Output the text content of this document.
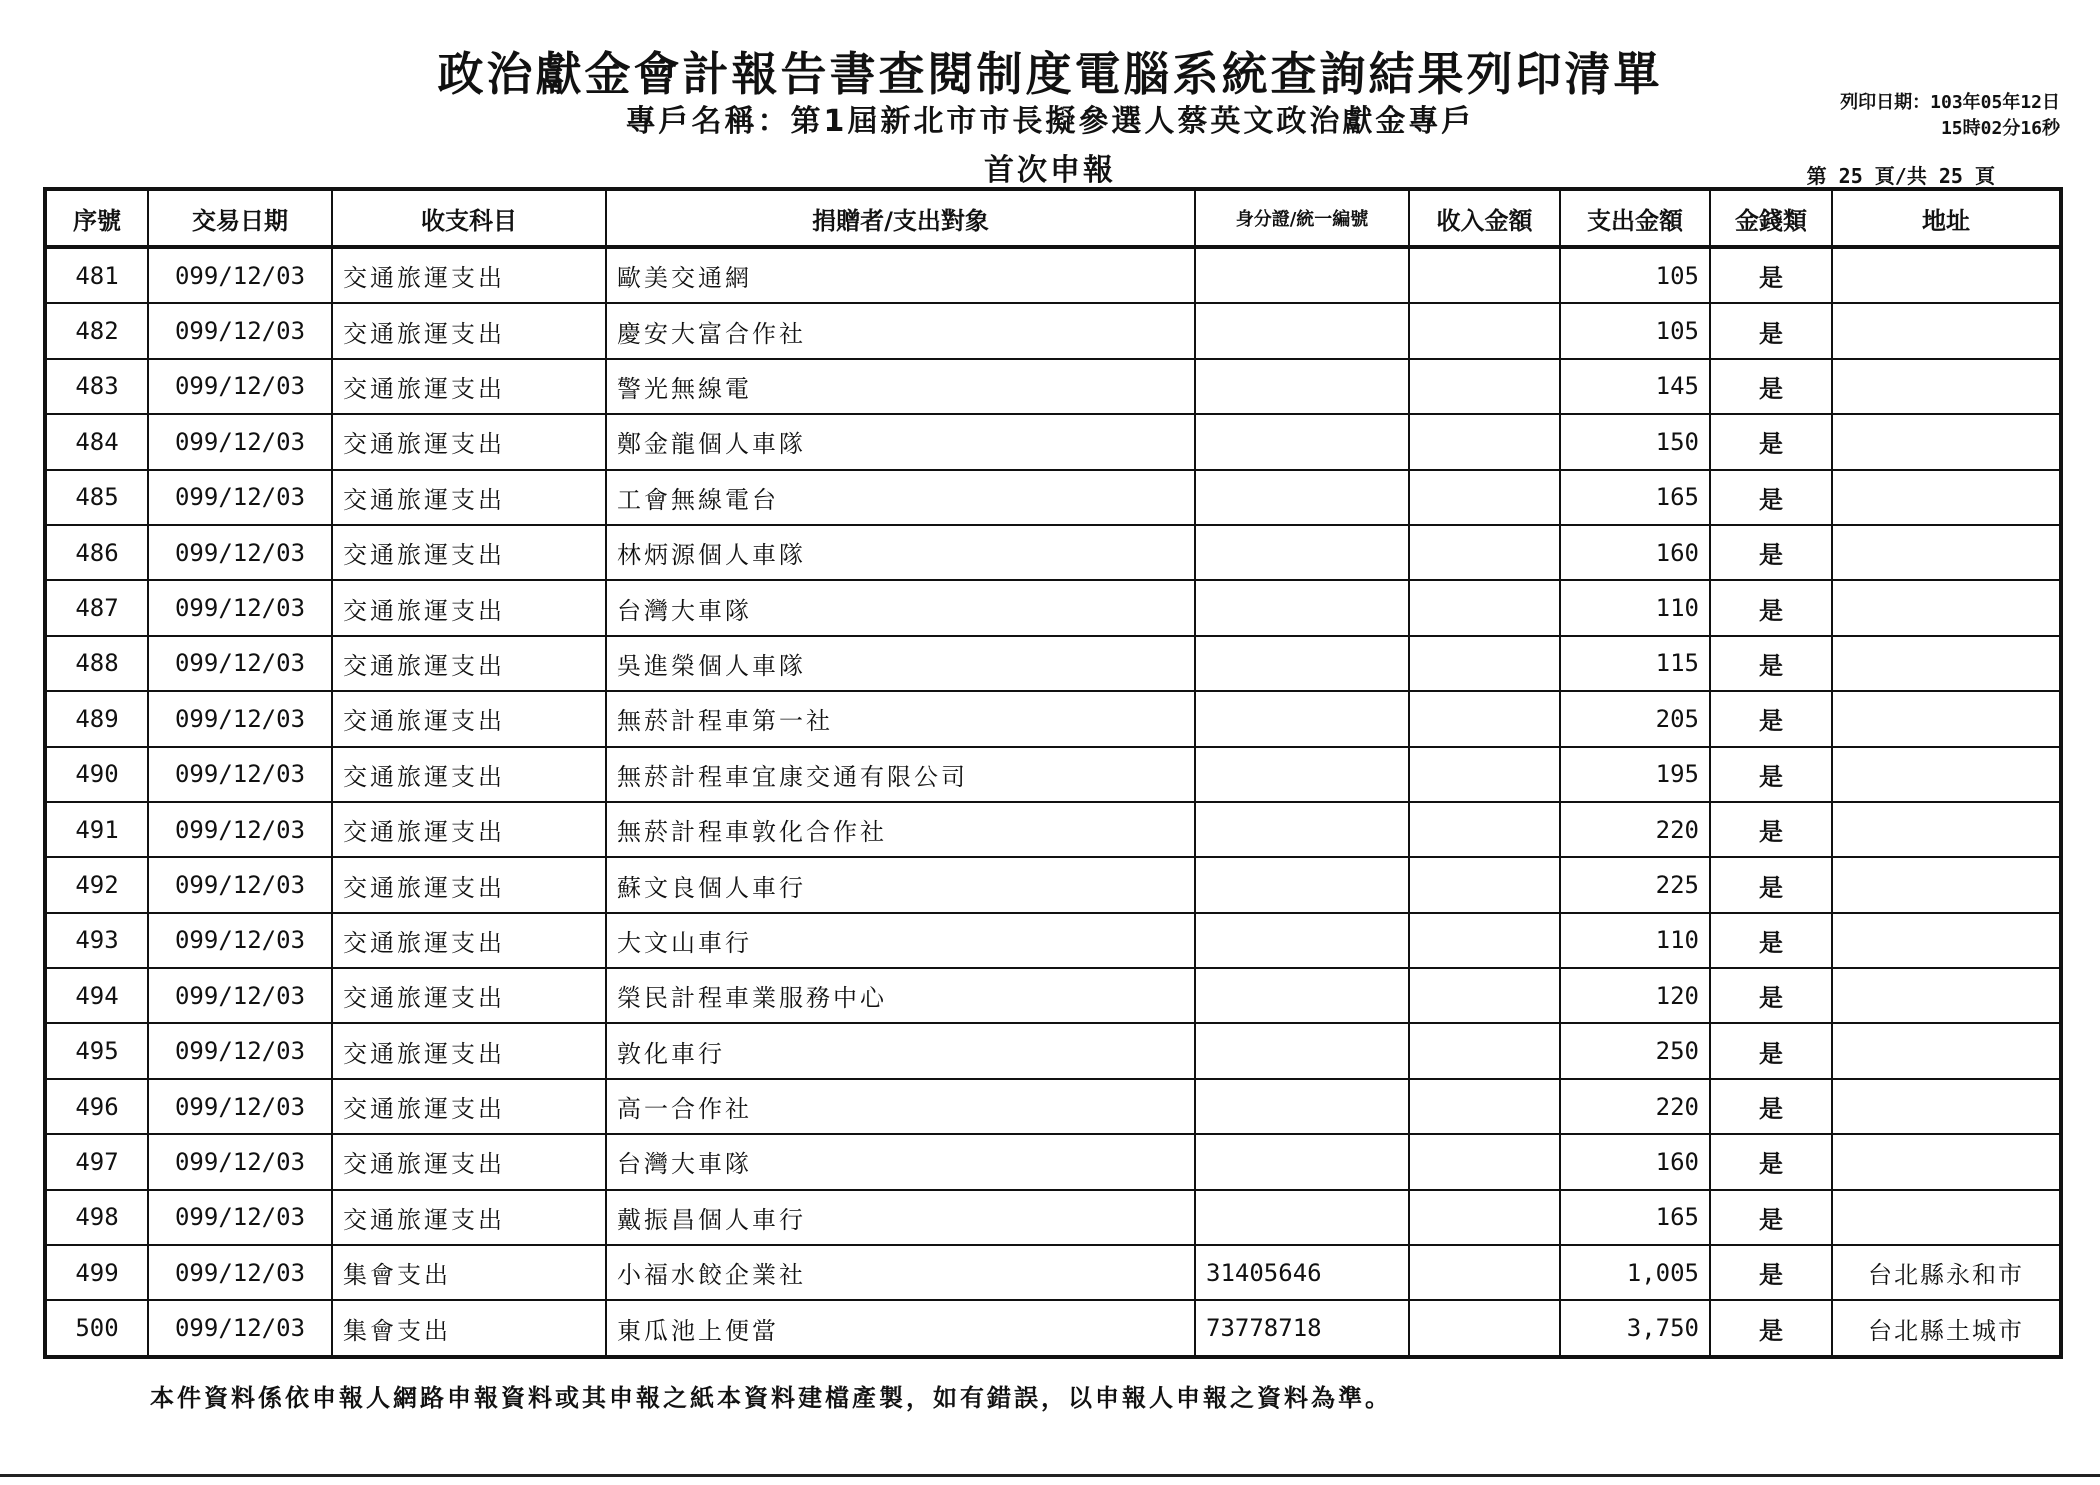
政治獻金會計報告書查閱制度電腦系統查詢結果列印清單
專戶名稱：第1屆新北市市長擬參選人蔡英文政治獻金專戶
首次申報
列印日期：103年05年12日
15時02分16秒
第 25 頁/共 25 頁
序號	交易日期	收支科目	捐贈者/支出對象	身分證/統一編號	收入金額	支出金額	金錢類	地址
481	099/12/03	交通旅運支出	歐美交通網			105	是	
482	099/12/03	交通旅運支出	慶安大富合作社			105	是	
483	099/12/03	交通旅運支出	警光無線電			145	是	
484	099/12/03	交通旅運支出	鄭金龍個人車隊			150	是	
485	099/12/03	交通旅運支出	工會無線電台			165	是	
486	099/12/03	交通旅運支出	林炳源個人車隊			160	是	
487	099/12/03	交通旅運支出	台灣大車隊			110	是	
488	099/12/03	交通旅運支出	吳進榮個人車隊			115	是	
489	099/12/03	交通旅運支出	無菸計程車第一社			205	是	
490	099/12/03	交通旅運支出	無菸計程車宜康交通有限公司			195	是	
491	099/12/03	交通旅運支出	無菸計程車敦化合作社			220	是	
492	099/12/03	交通旅運支出	蘇文良個人車行			225	是	
493	099/12/03	交通旅運支出	大文山車行			110	是	
494	099/12/03	交通旅運支出	榮民計程車業服務中心			120	是	
495	099/12/03	交通旅運支出	敦化車行			250	是	
496	099/12/03	交通旅運支出	高一合作社			220	是	
497	099/12/03	交通旅運支出	台灣大車隊			160	是	
498	099/12/03	交通旅運支出	戴振昌個人車行			165	是	
499	099/12/03	集會支出	小福水餃企業社	31405646		1,005	是	台北縣永和市
500	099/12/03	集會支出	東瓜池上便當	73778718		3,750	是	台北縣土城市
本件資料係依申報人網路申報資料或其申報之紙本資料建檔產製，如有錯誤，以申報人申報之資料為準。
